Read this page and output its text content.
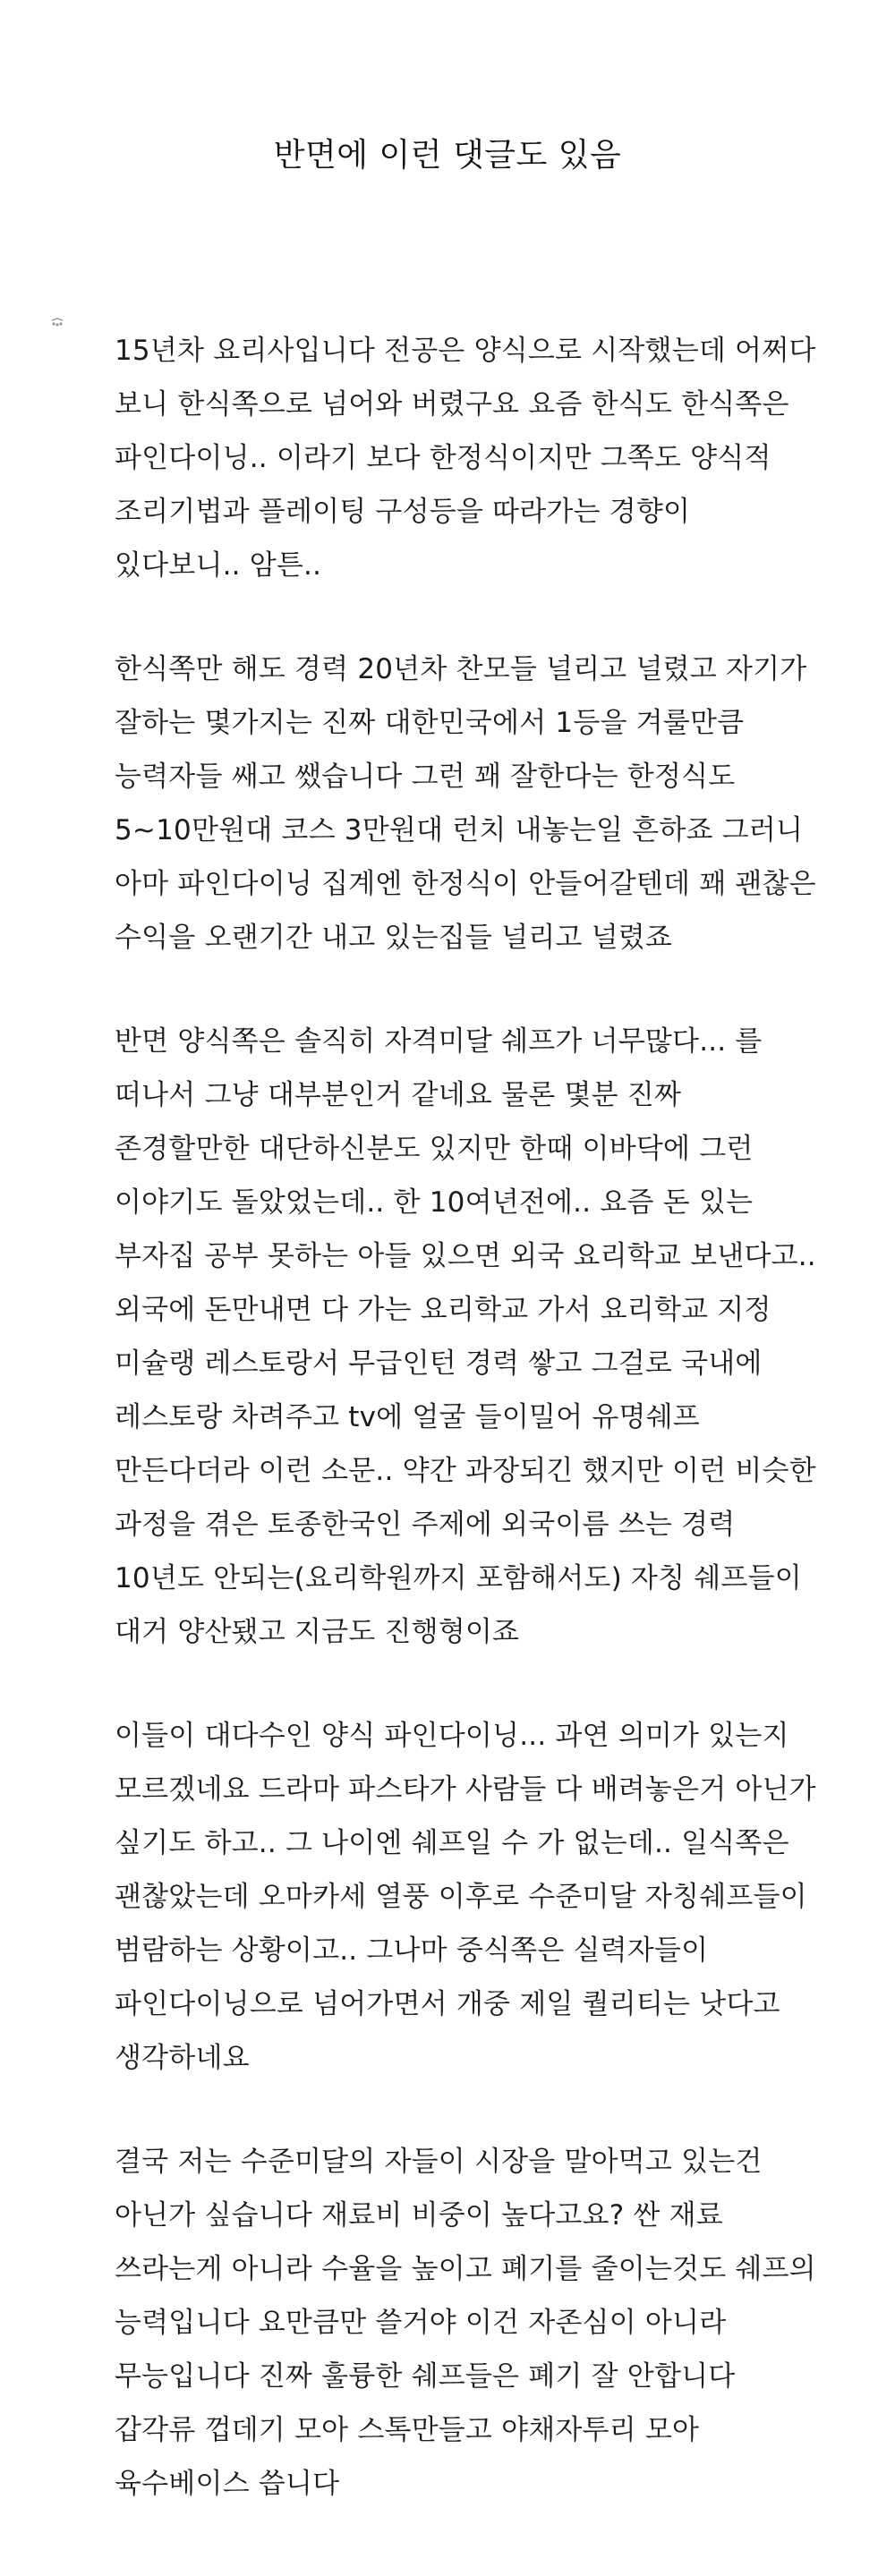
반면에 이런 댓글도 있음
15년차 요리사입니다 전공은 양식으로 시작했는데 어쩌다
보니 한식쪽으로 넘어와 버렸구요 요즘 한식도 한식쪽은
파인다이닝.. 이라기 보다 한정식이지만 그쪽도 양식적
조리기법과 플레이팅 구성등을 따라가는 경향이
있다보니.. 암튼..
한식쪽만 해도 경력 20년차 찬모들 널리고 널렸고 자기가
잘하는 몇가지는 진짜 대한민국에서 1등을 겨룰만큼
능력자들 쌔고 쌨습니다 그런 꽤 잘한다는 한정식도
5~10만원대 코스 3만원대 런치 내놓는일 흔하죠 그러니
아마 파인다이닝 집계엔 한정식이 안들어갈텐데 꽤 괜찮은
수익을 오랜기간 내고 있는집들 널리고 널렸죠
반면 양식쪽은 솔직히 자격미달 쉐프가 너무많다... 를
떠나서 그냥 대부분인거 같네요 물론 몇분 진짜
존경할만한 대단하신분도 있지만 한때 이바닥에 그런
이야기도 돌았었는데.. 한 10여년전에.. 요즘 돈 있는
부자집 공부 못하는 아들 있으면 외국 요리학교 보낸다고..
외국에 돈만내면 다 가는 요리학교 가서 요리학교 지정
미슐랭 레스토랑서 무급인턴 경력 쌓고 그걸로 국내에
레스토랑 차려주고 tv에 얼굴 들이밀어 유명쉐프
만든다더라 이런 소문.. 약간 과장되긴 했지만 이런 비슷한
과정을 겪은 토종한국인 주제에 외국이름 쓰는 경력
10년도 안되는(요리학원까지 포함해서도) 자칭 쉐프들이
대거 양산됐고 지금도 진행형이죠
이들이 대다수인 양식 파인다이닝... 과연 의미가 있는지
모르겠네요 드라마 파스타가 사람들 다 배려놓은거 아닌가
싶기도 하고.. 그 나이엔 쉐프일 수 가 없는데.. 일식쪽은
괜찮았는데 오마카세 열풍 이후로 수준미달 자칭쉐프들이
범람하는 상황이고.. 그나마 중식쪽은 실력자들이
파인다이닝으로 넘어가면서 개중 제일 퀄리티는 낫다고
생각하네요
결국 저는 수준미달의 자들이 시장을 말아먹고 있는건
아닌가 싶습니다 재료비 비중이 높다고요? 싼 재료
쓰라는게 아니라 수율을 높이고 폐기를 줄이는것도 쉐프의
능력입니다 요만큼만 쓸거야 이건 자존심이 아니라
무능입니다 진짜 훌륭한 쉐프들은 폐기 잘 안합니다
갑각류 껍데기 모아 스톡만들고 야채자투리 모아
육수베이스 씁니다
